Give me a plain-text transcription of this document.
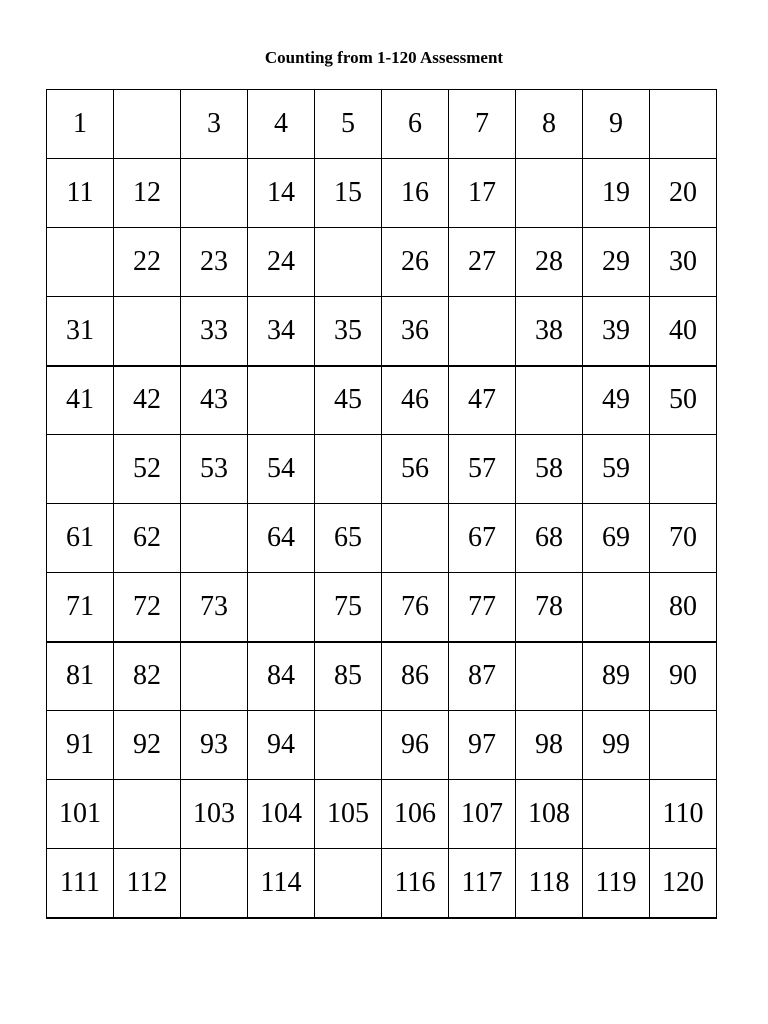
Counting from 1-120 Assessment
1		3	4	5	6	7	8	9	
11	12		14	15	16	17		19	20
	22	23	24		26	27	28	29	30
31		33	34	35	36		38	39	40
41	42	43		45	46	47		49	50
	52	53	54		56	57	58	59	
61	62		64	65		67	68	69	70
71	72	73		75	76	77	78		80
81	82		84	85	86	87		89	90
91	92	93	94		96	97	98	99	
101		103	104	105	106	107	108		110
111	112		114		116	117	118	119	120
